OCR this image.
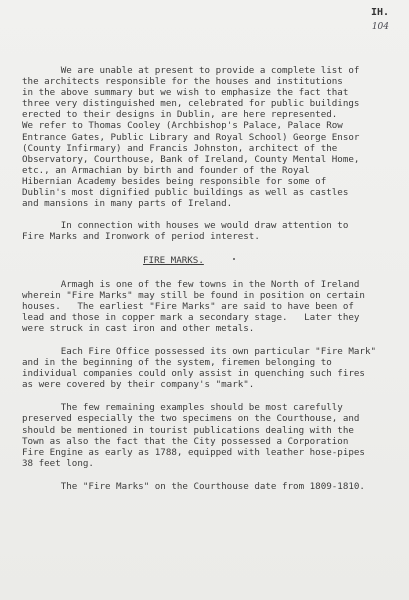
IH.
104

We are unable at present to provide a complete list of

the architects responsible for the houses and institutions

in the above summary but we wish to emphasize the fact that

three very distinguished men, celebrated for public buildings

erected to their designs in Dublin, are here represented.

We refer to Thomas Cooley (Archbishop's Palace, Palace Row

Entrance Gates, Public Library and Royal School) George Ensor

(County Infirmary) and Francis Johnston, architect of the

Observatory, Courthouse, Bank of Ireland, County Mental Home,

etc., an Armachian by birth and founder of the Royal

Hibernian Academy besides being responsible for some of

Dublin's most dignified public buildings as well as castles

and mansions in many parts of Ireland.

In connection with houses we would draw attention to

Fire Marks and Ironwork of period interest.

FIRE MARKS.

Armagh is one of the few towns in the North of Ireland

wherein "Fire Marks" may still be found in position on certain

houses.   The earliest "Fire Marks" are said to have been of

lead and those in copper mark a secondary stage.   Later they

were struck in cast iron and other metals.

Each Fire Office possessed its own particular "Fire Mark"

and in the beginning of the system, firemen belonging to

individual companies could only assist in quenching such fires

as were covered by their company's "mark".

The few remaining examples should be most carefully

preserved especially the two specimens on the Courthouse, and

should be mentioned in tourist publications dealing with the

Town as also the fact that the City possessed a Corporation

Fire Engine as early as 1788, equipped with leather hose-pipes

38 feet long.

The "Fire Marks" on the Courthouse date from 1809-1810.
